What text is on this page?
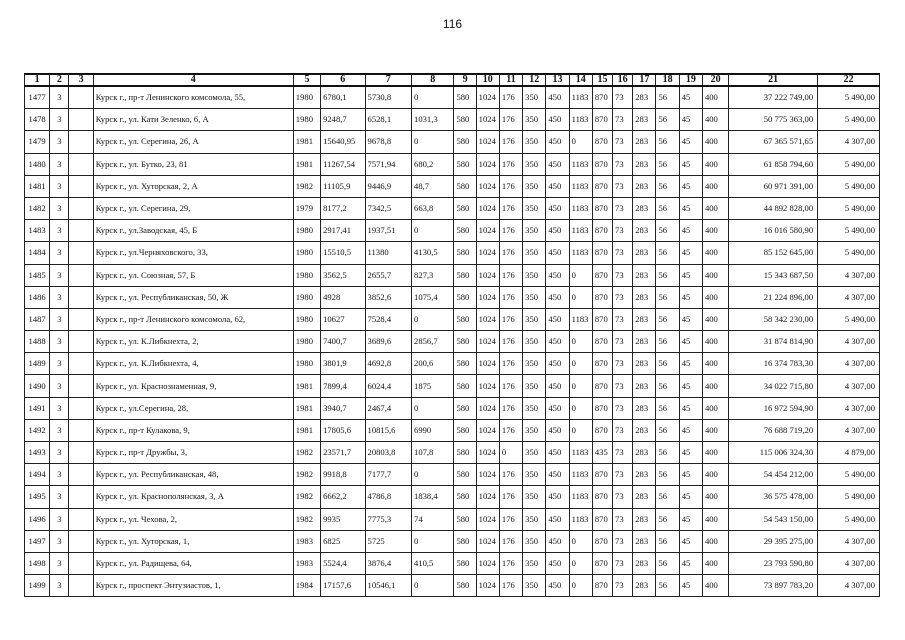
116
1	2	3	4	5	6	7	8	9	10	11	12	13	14	15	16	17	18	19	20	21	22
1477	3		Курск г., пр-т Ленинского комсомола, 55,	1980	6780,1	5730,8	0	580	1024	176	350	450	1183	870	73	283	56	45	400	37 222 749,00	5 490,00
1478	3		Курск г., ул. Кати Зеленко, 6, А	1980	9248,7	6528,1	1031,3	580	1024	176	350	450	1183	870	73	283	56	45	400	50 775 363,00	5 490,00
1479	3		Курск г., ул. Серегина, 26, А	1981	15640,95	9678,8	0	580	1024	176	350	450	0	870	73	283	56	45	400	67 365 571,65	4 307,00
1480	3		Курск г., ул. Бутко, 23, 81	1981	11267,54	7571,94	680,2	580	1024	176	350	450	1183	870	73	283	56	45	400	61 858 794,60	5 490,00
1481	3		Курск г., ул. Хуторская, 2, А	1982	11105,9	9446,9	48,7	580	1024	176	350	450	1183	870	73	283	56	45	400	60 971 391,00	5 490,00
1482	3		Курск г., ул. Серегина, 29,	1979	8177,2	7342,5	663,8	580	1024	176	350	450	1183	870	73	283	56	45	400	44 892 828,00	5 490,00
1483	3		Курск г., ул.Заводская, 45, Б	1980	2917,41	1937,51	0	580	1024	176	350	450	1183	870	73	283	56	45	400	16 016 580,90	5 490,00
1484	3		Курск г., ул.Черняховского, 33,	1980	15510,5	11380	4130,5	580	1024	176	350	450	1183	870	73	283	56	45	400	85 152 645,00	5 490,00
1485	3		Курск г., ул. Союзная, 57, Б	1980	3562,5	2655,7	827,3	580	1024	176	350	450	0	870	73	283	56	45	400	15 343 687,50	4 307,00
1486	3		Курск г., ул. Республиканская, 50, Ж	1980	4928	3852,6	1075,4	580	1024	176	350	450	0	870	73	283	56	45	400	21 224 896,00	4 307,00
1487	3		Курск г., пр-т Ленинского комсомола, 62,	1980	10627	7528,4	0	580	1024	176	350	450	1183	870	73	283	56	45	400	58 342 230,00	5 490,00
1488	3		Курск г., ул. К.Либкнехта, 2,	1980	7400,7	3689,6	2856,7	580	1024	176	350	450	0	870	73	283	56	45	400	31 874 814,90	4 307,00
1489	3		Курск г., ул. К.Либкнехта, 4,	1980	3801,9	4692,8	200,6	580	1024	176	350	450	0	870	73	283	56	45	400	16 374 783,30	4 307,00
1490	3		Курск г., ул. Краснознаменная, 9,	1981	7899,4	6024,4	1875	580	1024	176	350	450	0	870	73	283	56	45	400	34 022 715,80	4 307,00
1491	3		Курск г., ул.Серегина, 28,	1981	3940,7	2467,4	0	580	1024	176	350	450	0	870	73	283	56	45	400	16 972 594,90	4 307,00
1492	3		Курск г., пр-т Кулакова, 9,	1981	17805,6	10815,6	6990	580	1024	176	350	450	0	870	73	283	56	45	400	76 688 719,20	4 307,00
1493	3		Курск г., пр-т Дружбы, 3,	1982	23571,7	20803,8	107,8	580	1024	0	350	450	1183	435	73	283	56	45	400	115 006 324,30	4 879,00
1494	3		Курск г., ул. Республиканская, 48,	1982	9918,8	7177,7	0	580	1024	176	350	450	1183	870	73	283	56	45	400	54 454 212,00	5 490,00
1495	3		Курск г., ул. Краснополянская, 3, А	1982	6662,2	4786,8	1838,4	580	1024	176	350	450	1183	870	73	283	56	45	400	36 575 478,00	5 490,00
1496	3		Курск г., ул. Чехова, 2,	1982	9935	7775,3	74	580	1024	176	350	450	1183	870	73	283	56	45	400	54 543 150,00	5 490,00
1497	3		Курск г., ул. Хуторская, 1,	1983	6825	5725	0	580	1024	176	350	450	0	870	73	283	56	45	400	29 395 275,00	4 307,00
1498	3		Курск г., ул. Радищева, 64,	1983	5524,4	3876,4	410,5	580	1024	176	350	450	0	870	73	283	56	45	400	23 793 590,80	4 307,00
1499	3		Курск г., проспект Энтузиастов, 1,	1984	17157,6	10546,1	0	580	1024	176	350	450	0	870	73	283	56	45	400	73 897 783,20	4 307,00
